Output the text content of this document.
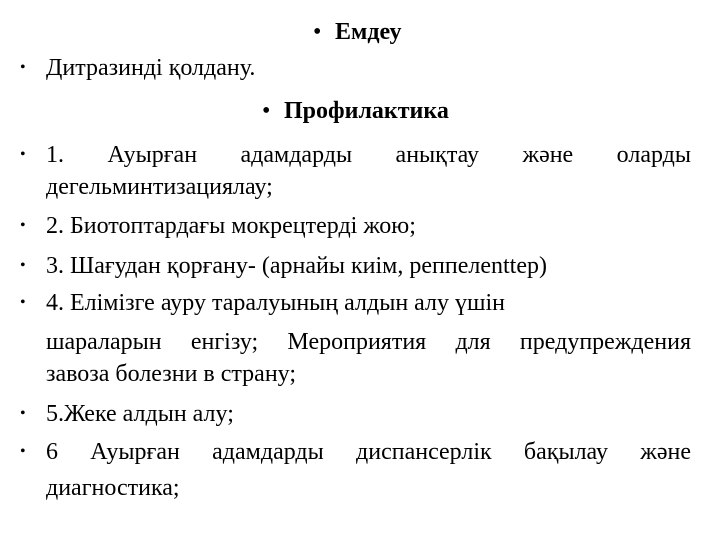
• Емдеу
• Дитразинді қолдану.
• Профилактика
• 1. Ауырған адамдарды анықтау және оларды
дегельминтизациялау;
• 2. Биотоптардағы мокрецтерді жою;
• 3. Шағудан қорғану- (арнайы киім, реппелenttер)
• 4. Елімізге ауру таралуының алдын алу үшін
шараларын енгізу; Мероприятия для предупреждения
завоза болезни в страну;
• 5.Жеке алдын алу;
• 6 Ауырған адамдарды диспансерлік бақылау және
диагностика;
